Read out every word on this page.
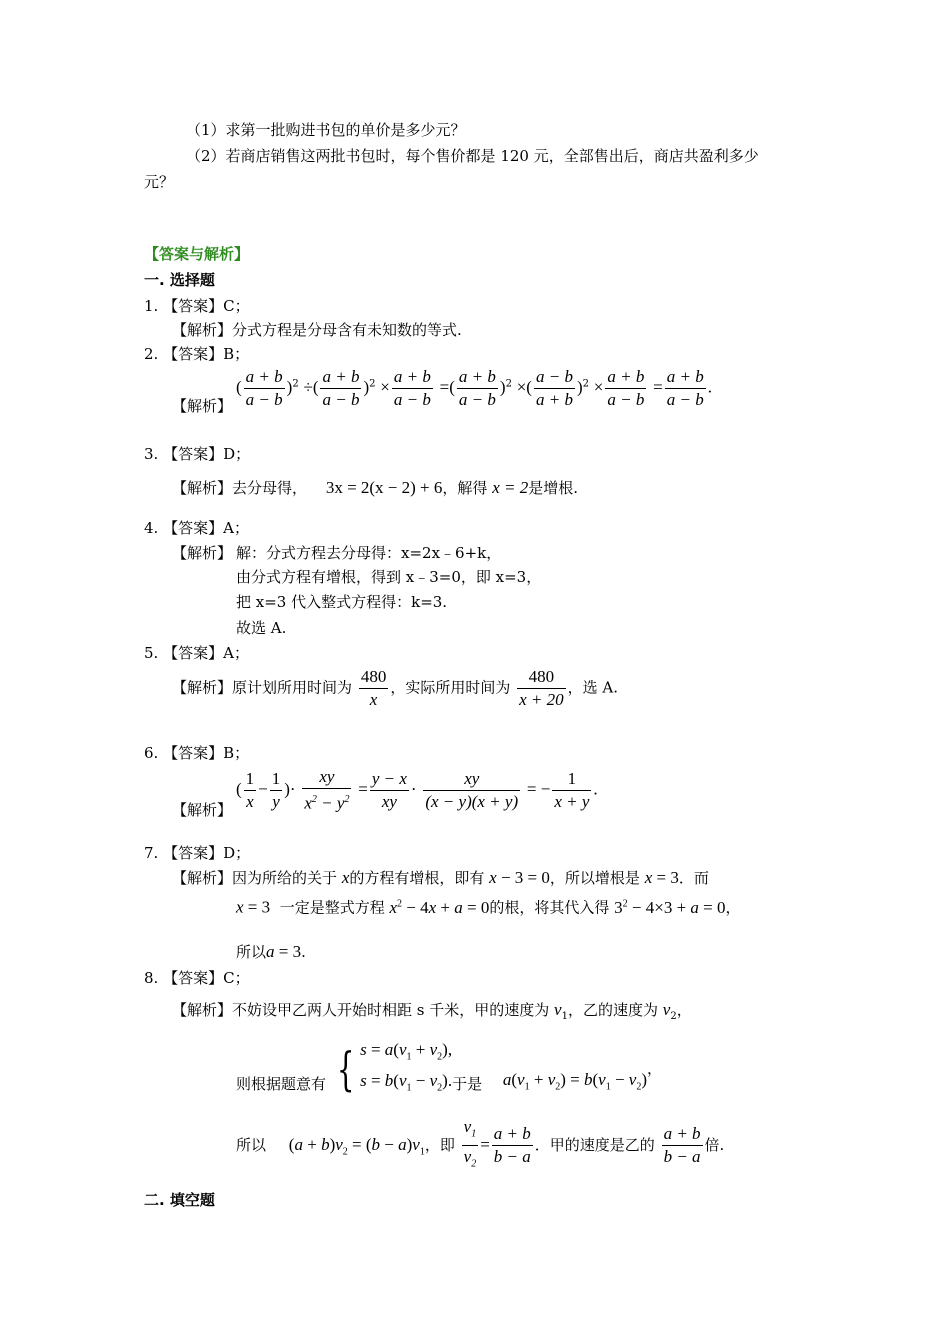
（1）求第一批购进书包的单价是多少元？
（2）若商店销售这两批书包时，每个售价都是 120 元，全部售出后，商店共盈利多少
元？
【答案与解析】
一. 选择题
1. 【答案】C；
【解析】分式方程是分母含有未知数的等式.
2. 【答案】B；
【解析】
( $\frac{a + b}{a - b} )^2$ ÷( $\frac{a + b}{a - b} )^2 \times \frac{a + b}{a - b}$ =( $\frac{a + b}{a - b} )^2$ ×( $\frac{a - b}{a + b} )^2 \times \frac{a + b}{a - b} = \frac{a + b}{a - b}$ .
3. 【答案】D；
【解析】去分母得， 3x = 2(x − 2) + 6，解得 x = 2是增根.
4. 【答案】A；
【解析】 解：分式方程去分母得：x=2x﹣6+k，
由分式方程有增根，得到 x﹣3=0，即 x=3，
把 x=3 代入整式方程得：k=3.
故选 A.
5. 【答案】A；
【解析】原计划所用时间为 $\frac{480}{x}$ ，实际所用时间为 $\frac{480}{x + 20}$ ，选 A.
6. 【答案】B；
【解析】
( $\frac{1}{x} - \frac{1}{y}$ )· $\frac{xy}{x^2 - y^2} = \frac{y - x}{xy} \cdot \frac{xy}{(x - y)(x + y)}$ = − $\frac{1}{x + y}$ .
7. 【答案】D；
【解析】因为所给的关于 x的方程有增根，即有 x − 3 = 0，所以增根是 x = 3．而
x = 3 一定是整式方程 $x^2 - 4x + a = 0$的根，将其代入得 $3^2 - 4\times 3 + a = 0$，
所以a = 3.
8. 【答案】C；
【解析】不妨设甲乙两人开始时相距 s 千米，甲的速度为 $v_1$，乙的速度为 $v_2$，
则根据题意有 { $s = a(v_1 + v_2)$,
$s = b(v_1 - v_2)$. 于是 $a(v_1 + v_2) = b(v_1 - v_2)$，
所以 $(a + b)v_2 = (b - a)v_1$，即 $\frac{v_1}{v_2} = \frac{a + b}{b - a}$ ．甲的速度是乙的 $\frac{a + b}{b - a}$ 倍.
二. 填空题
